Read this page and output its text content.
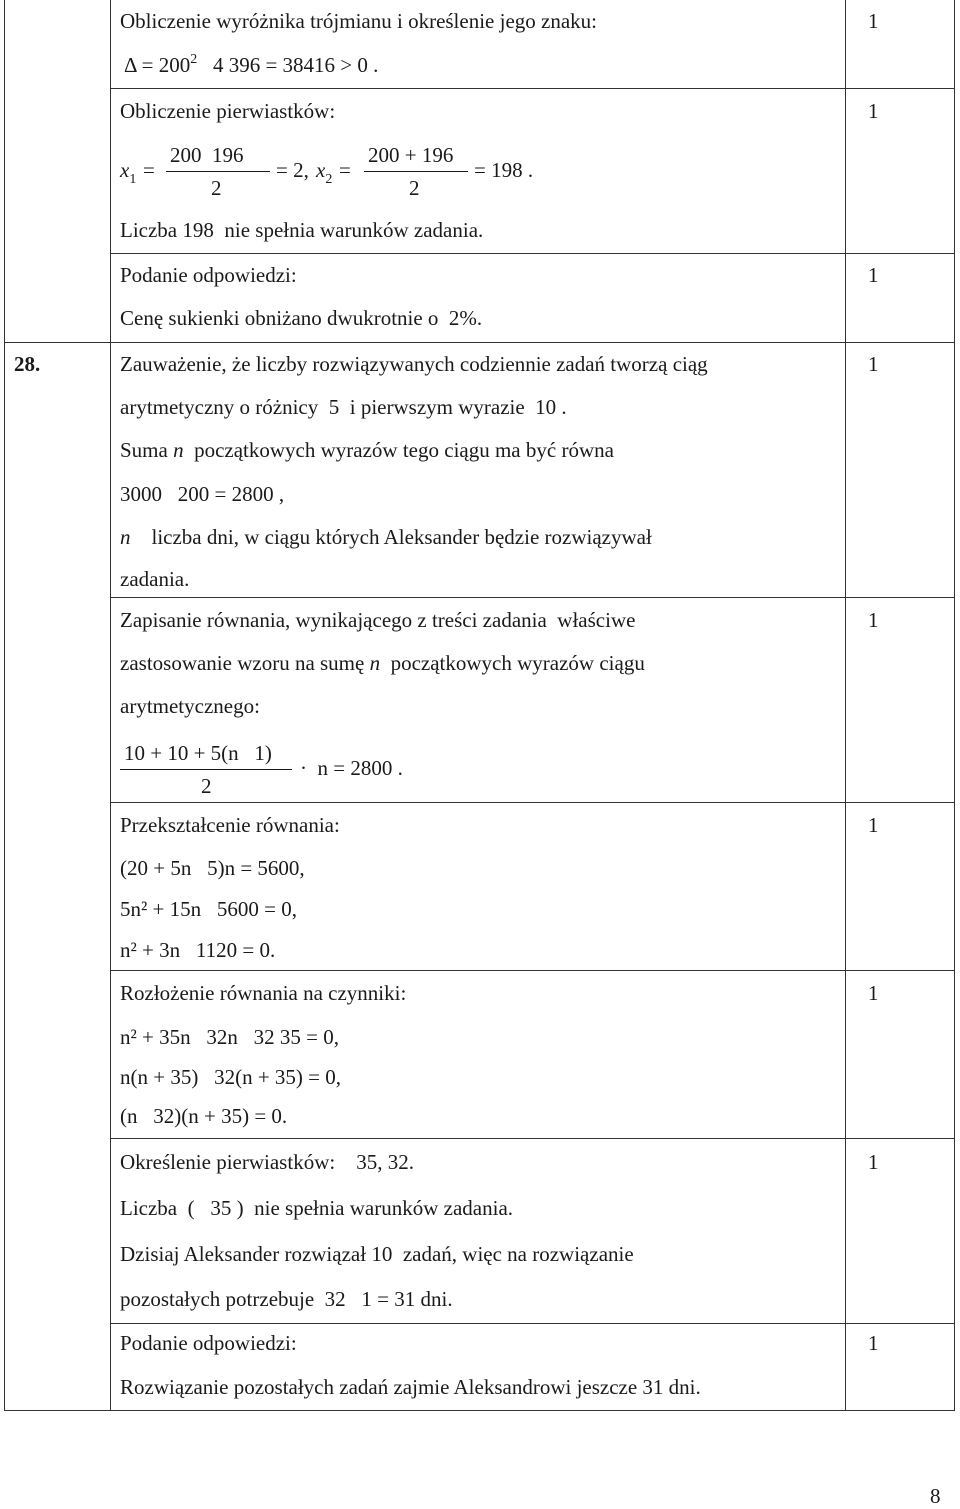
Obliczenie wyróżnika trójmianu i określenie jego znaku:
$\Delta = 200^2$ 4 396 = 38416 > 0 .
Obliczenie pierwiastków:
$x_1$ =
200  196
2
= 2, $x_2$ =
200 + 196
2
= 198 .
Liczba 198  nie spełnia warunków zadania.
Podanie odpowiedzi:
Cenę sukienki obniżano dwukrotnie o  2%.
28.	Zauważenie, że liczby rozwiązywanych codziennie zadań tworzą ciąg
arytmetyczny o różnicy  5  i pierwszym wyrazie  10 .
Suma n  początkowych wyrazów tego ciągu ma być równa
3000   200 = 2800 ,
n    liczba dni, w ciągu których Aleksander będzie rozwiązywał
zadania.
Zapisanie równania, wynikającego z treści zadania  właściwe
zastosowanie wzoru na sumę n  początkowych wyrazów ciągu
arytmetycznego:
10 + 10 + 5(n   1)
2
·  n = 2800 .
Przekształcenie równania:
(20 + 5n   5)n = 5600,
5n² + 15n   5600 = 0,
n² + 3n   1120 = 0.
Rozłożenie równania na czynniki:
n² + 35n   32n   32 35 = 0,
n(n + 35)   32(n + 35) = 0,
(n   32)(n + 35) = 0.
Określenie pierwiastków:    35, 32.
Liczba  (   35 )  nie spełnia warunków zadania.
Dzisiaj Aleksander rozwiązał 10  zadań, więc na rozwiązanie
pozostałych potrzebuje  32   1 = 31 dni.
Podanie odpowiedzi:
Rozwiązanie pozostałych zadań zajmie Aleksandrowi jeszcze 31 dni.
1
1
1
1
1
1
1
1
1
8
